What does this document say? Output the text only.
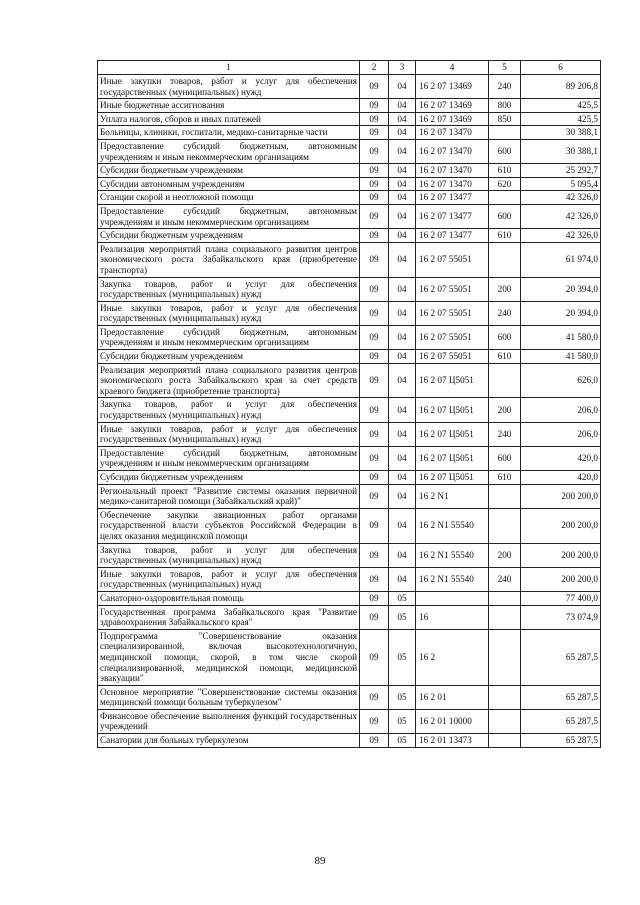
1	2	3	4	5	6
Иные закупки товаров, работ и услуг для обеспечения государственных (муниципальных) нужд	09	04	16 2 07 13469	240	89 206,8
Иные бюджетные ассигнования	09	04	16 2 07 13469	800	425,5
Уплата налогов, сборов и иных платежей	09	04	16 2 07 13469	850	425,5
Больницы, клиники, госпитали, медико-санитарные части	09	04	16 2 07 13470		30 388,1
Предоставление субсидий бюджетным, автономным учреждениям и иным некоммерческим организациям	09	04	16 2 07 13470	600	30 388,1
Субсидии бюджетным учреждениям	09	04	16 2 07 13470	610	25 292,7
Субсидии автономным учреждениям	09	04	16 2 07 13470	620	5 095,4
Станции скорой и неотложной помощи	09	04	16 2 07 13477		42 326,0
Предоставление субсидий бюджетным, автономным учреждениям и иным некоммерческим организациям	09	04	16 2 07 13477	600	42 326,0
Субсидии бюджетным учреждениям	09	04	16 2 07 13477	610	42 326,0
Реализация мероприятий плана социального развития центров экономического роста Забайкальского края (приобретение транспорта)	09	04	16 2 07 55051		61 974,0
Закупка товаров, работ и услуг для обеспечения государственных (муниципальных) нужд	09	04	16 2 07 55051	200	20 394,0
Иные закупки товаров, работ и услуг для обеспечения государственных (муниципальных) нужд	09	04	16 2 07 55051	240	20 394,0
Предоставление субсидий бюджетным, автономным учреждениям и иным некоммерческим организациям	09	04	16 2 07 55051	600	41 580,0
Субсидии бюджетным учреждениям	09	04	16 2 07 55051	610	41 580,0
Реализация мероприятий плана социального развития центров экономического роста Забайкальского края за счет средств краевого бюджета (приобретение транспорта)	09	04	16 2 07 Ц5051		626,0
Закупка товаров, работ и услуг для обеспечения государственных (муниципальных) нужд	09	04	16 2 07 Ц5051	200	206,0
Иные закупки товаров, работ и услуг для обеспечения государственных (муниципальных) нужд	09	04	16 2 07 Ц5051	240	206,0
Предоставление субсидий бюджетным, автономным учреждениям и иным некоммерческим организациям	09	04	16 2 07 Ц5051	600	420,0
Субсидии бюджетным учреждениям	09	04	16 2 07 Ц5051	610	420,0
Региональный проект "Развитие системы оказания первичной медико-санитарной помощи (Забайкальский край)"	09	04	16 2 N1		200 200,0
Обеспечение закупки авиационных работ органами государственной власти субъектов Российской Федерации в целях оказания медицинской помощи	09	04	16 2 N1 55540		200 200,0
Закупка товаров, работ и услуг для обеспечения государственных (муниципальных) нужд	09	04	16 2 N1 55540	200	200 200,0
Иные закупки товаров, работ и услуг для обеспечения государственных (муниципальных) нужд	09	04	16 2 N1 55540	240	200 200,0
Санаторно-оздоровительная помощь	09	05			77 400,0
Государственная программа Забайкальского края "Развитие здравоохранения Забайкальского края"	09	05	16		73 074,9
Подпрограмма "Совершенствование оказания специализированной, включая высокотехнологичную, медицинской помощи, скорой, в том числе скорой специализированной, медицинской помощи, медицинской эвакуации"	09	05	16 2		65 287,5
Основное мероприятие "Совершенствование системы оказания медицинской помощи больным туберкулезом"	09	05	16 2 01		65 287,5
Финансовое обеспечение выполнения функций государственных учреждений	09	05	16 2 01 10000		65 287,5
Санатории для больных туберкулезом	09	05	16 2 01 13473		65 287,5
89
